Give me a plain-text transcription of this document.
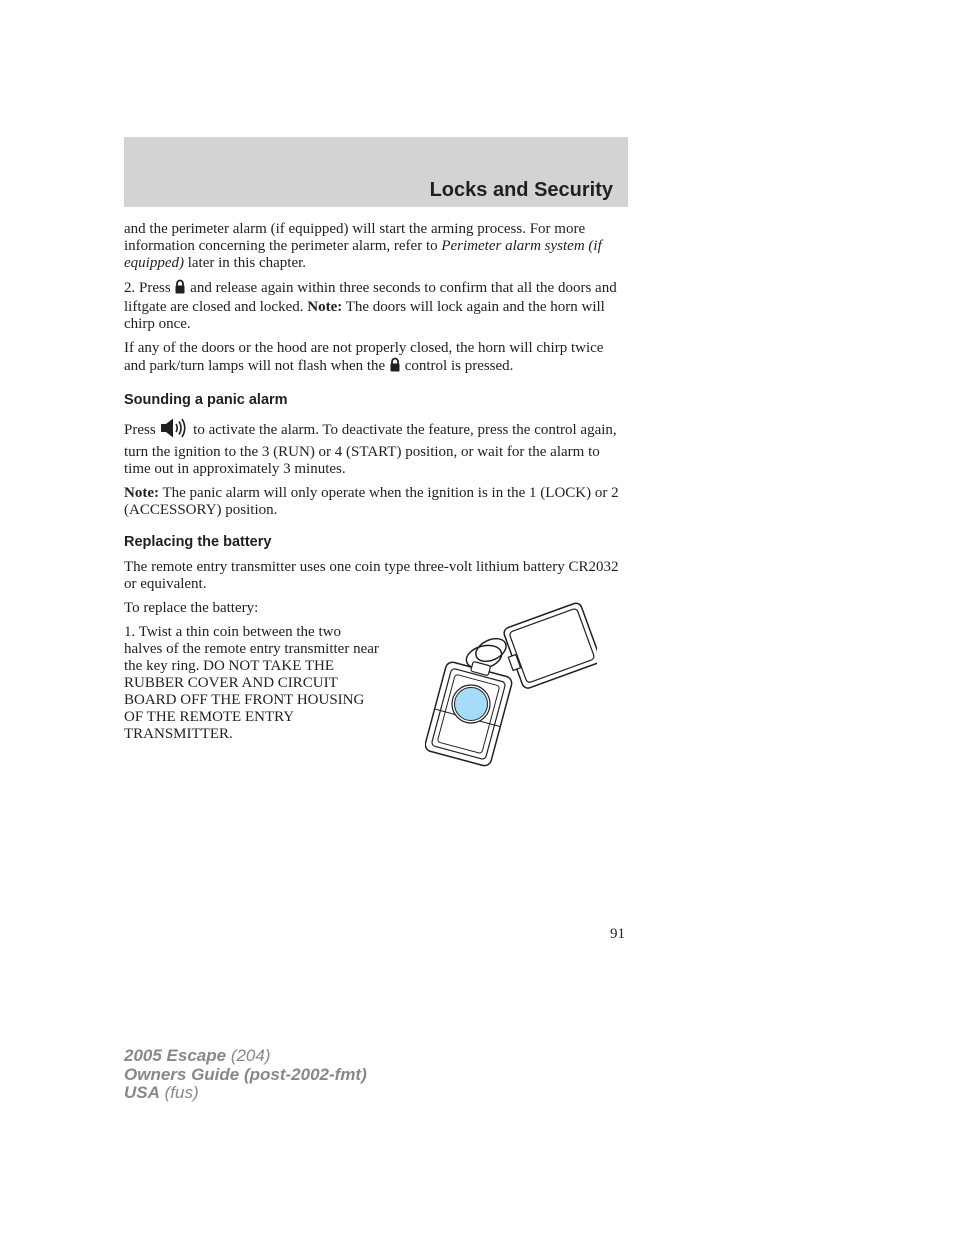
Locks and Security

and the perimeter alarm (if equipped) will start the arming process. For more information concerning the perimeter alarm, refer to Perimeter alarm system (if equipped) later in this chapter.

2. Press  and release again within three seconds to confirm that all the doors and liftgate are closed and locked. Note: The doors will lock again and the horn will chirp once.

If any of the doors or the hood are not properly closed, the horn will chirp twice and park/turn lamps will not flash when the  control is pressed.

Sounding a panic alarm

Press  to activate the alarm. To deactivate the feature, press the control again, turn the ignition to the 3 (RUN) or 4 (START) position, or wait for the alarm to time out in approximately 3 minutes.

Note: The panic alarm will only operate when the ignition is in the 1 (LOCK) or 2 (ACCESSORY) position.

Replacing the battery

The remote entry transmitter uses one coin type three-volt lithium battery CR2032 or equivalent.

To replace the battery:

1. Twist a thin coin between the two halves of the remote entry transmitter near the key ring. DO NOT TAKE THE RUBBER COVER AND CIRCUIT BOARD OFF THE FRONT HOUSING OF THE REMOTE ENTRY TRANSMITTER.

91
2005 Escape (204)
Owners Guide (post-2002-fmt)
USA (fus)
